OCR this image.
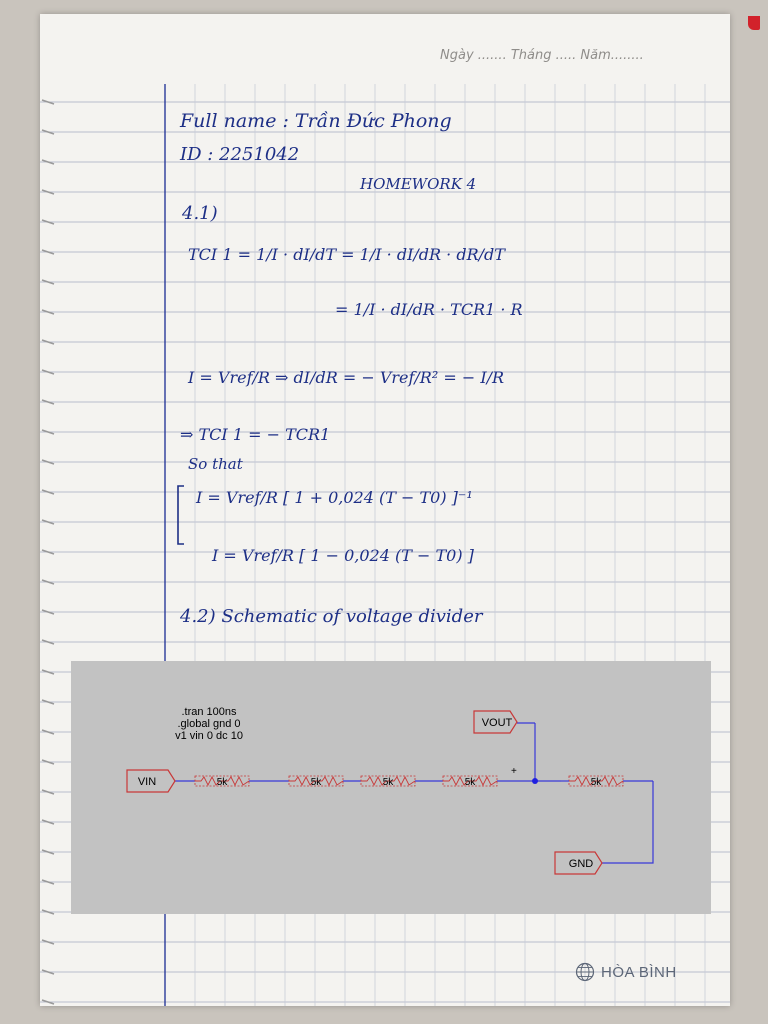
Ngày ....... Tháng ..... Năm........
Full name : Trần Đức Phong
ID : 2251042
HOMEWORK 4
4.1)
TCI 1 = 1/I · dI/dT = 1/I · dI/dR · dR/dT
= 1/I · dI/dR · TCR1 · R
I = Vref/R ⇒ dI/dR = − Vref/R² = − I/R
⇒ TCI 1 = − TCR1
So that
I = Vref/R [ 1 + 0,024 (T − T0) ]⁻¹
I = Vref/R [ 1 − 0,024 (T − T0) ]
4.2) Schematic of voltage divider
.tran 100ns
.global gnd 0
v1 vin 0 dc 10
+
VIN
VOUT
GND
5k	5k	5k	5k	5k
HÒA BÌNH
